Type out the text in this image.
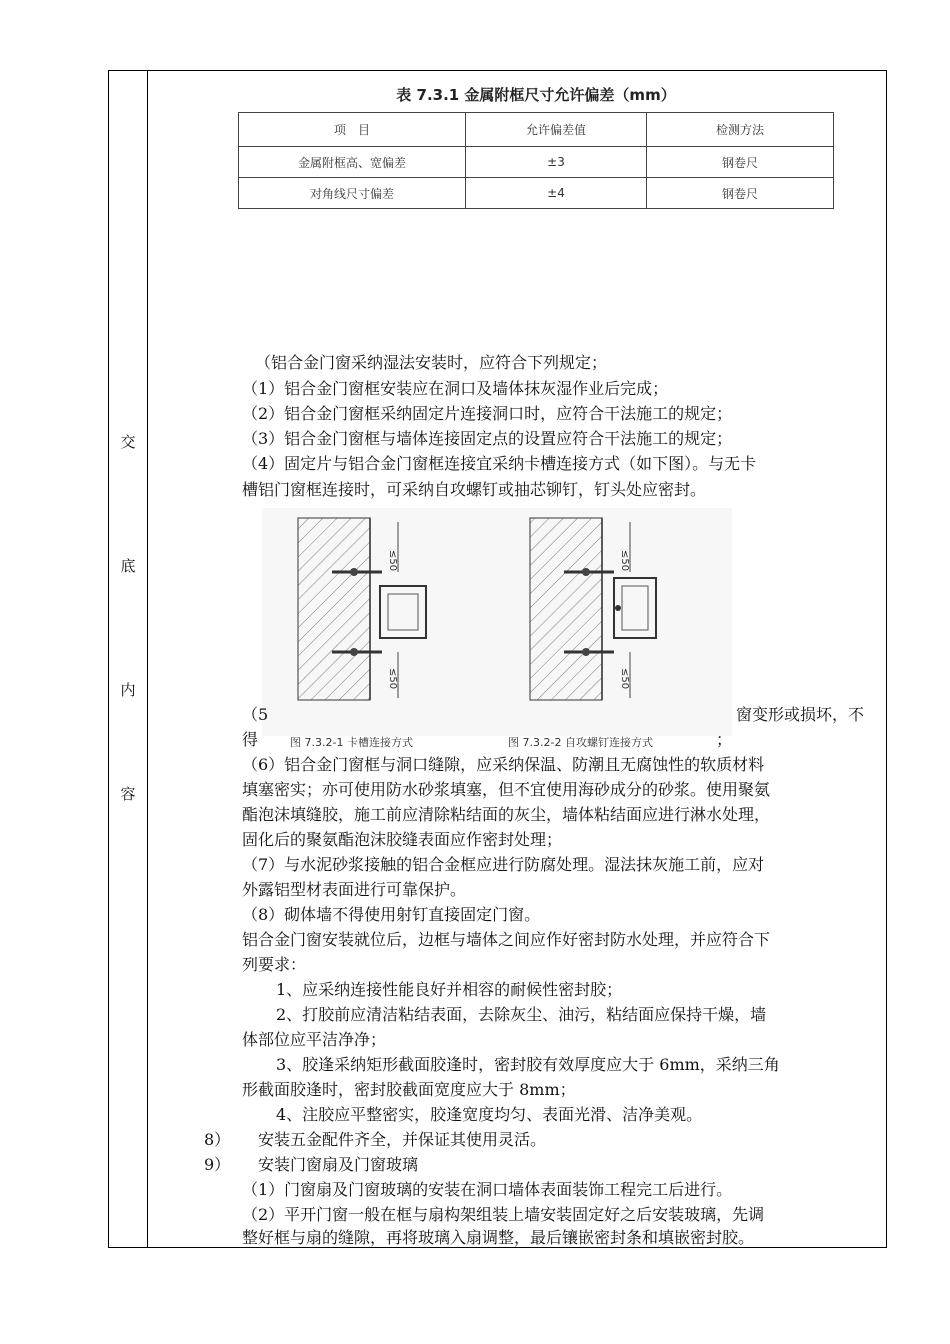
交
底
内
容
表 7.3.1 金属附框尺寸允许偏差（mm）
项　目	允许偏差值	检测方法
金属附框高、宽偏差	±3	钢卷尺
对角线尺寸偏差	±4	钢卷尺
≤50
≤50
≤50
≤50
图 7.3.2-1 卡槽连接方式	图 7.3.2-2 自攻螺钉连接方式
（铝合金门窗采纳湿法安装时，应符合下列规定；
（1）铝合金门窗框安装应在洞口及墙体抹灰湿作业后完成；
（2）铝合金门窗框采纳固定片连接洞口时，应符合干法施工的规定；
（3）铝合金门窗框与墙体连接固定点的设置应符合干法施工的规定；
（4）固定片与铝合金门窗框连接宜采纳卡槽连接方式（如下图）。与无卡
槽铝门窗框连接时，可采纳自攻螺钉或抽芯铆钉，钉头处应密封。
（5	窗变形或损坏，不
得	；
（6）铝合金门窗框与洞口缝隙，应采纳保温、防潮且无腐蚀性的软质材料
填塞密实；亦可使用防水砂浆填塞，但不宜使用海砂成分的砂浆。使用聚氨
酯泡沫填缝胶，施工前应清除粘结面的灰尘，墙体粘结面应进行淋水处理，
固化后的聚氨酯泡沫胶缝表面应作密封处理；
（7）与水泥砂浆接触的铝合金框应进行防腐处理。湿法抹灰施工前，应对
外露铝型材表面进行可靠保护。
（8）砌体墙不得使用射钉直接固定门窗。
铝合金门窗安装就位后，边框与墙体之间应作好密封防水处理，并应符合下
列要求：
1、应采纳连接性能良好并相容的耐候性密封胶；
2、打胶前应清洁粘结表面，去除灰尘、油污，粘结面应保持干燥，墙
体部位应平洁净净；
3、胶逢采纳矩形截面胶逢时，密封胶有效厚度应大于 6mm，采纳三角
形截面胶逢时，密封胶截面宽度应大于 8mm；
4、注胶应平整密实，胶逢宽度均匀、表面光滑、洁净美观。
8） 安装五金配件齐全，并保证其使用灵活。
9） 安装门窗扇及门窗玻璃
（1）门窗扇及门窗玻璃的安装在洞口墙体表面装饰工程完工后进行。
（2）平开门窗一般在框与扇构架组装上墙安装固定好之后安装玻璃，先调
整好框与扇的缝隙，再将玻璃入扇调整，最后镶嵌密封条和填嵌密封胶。
